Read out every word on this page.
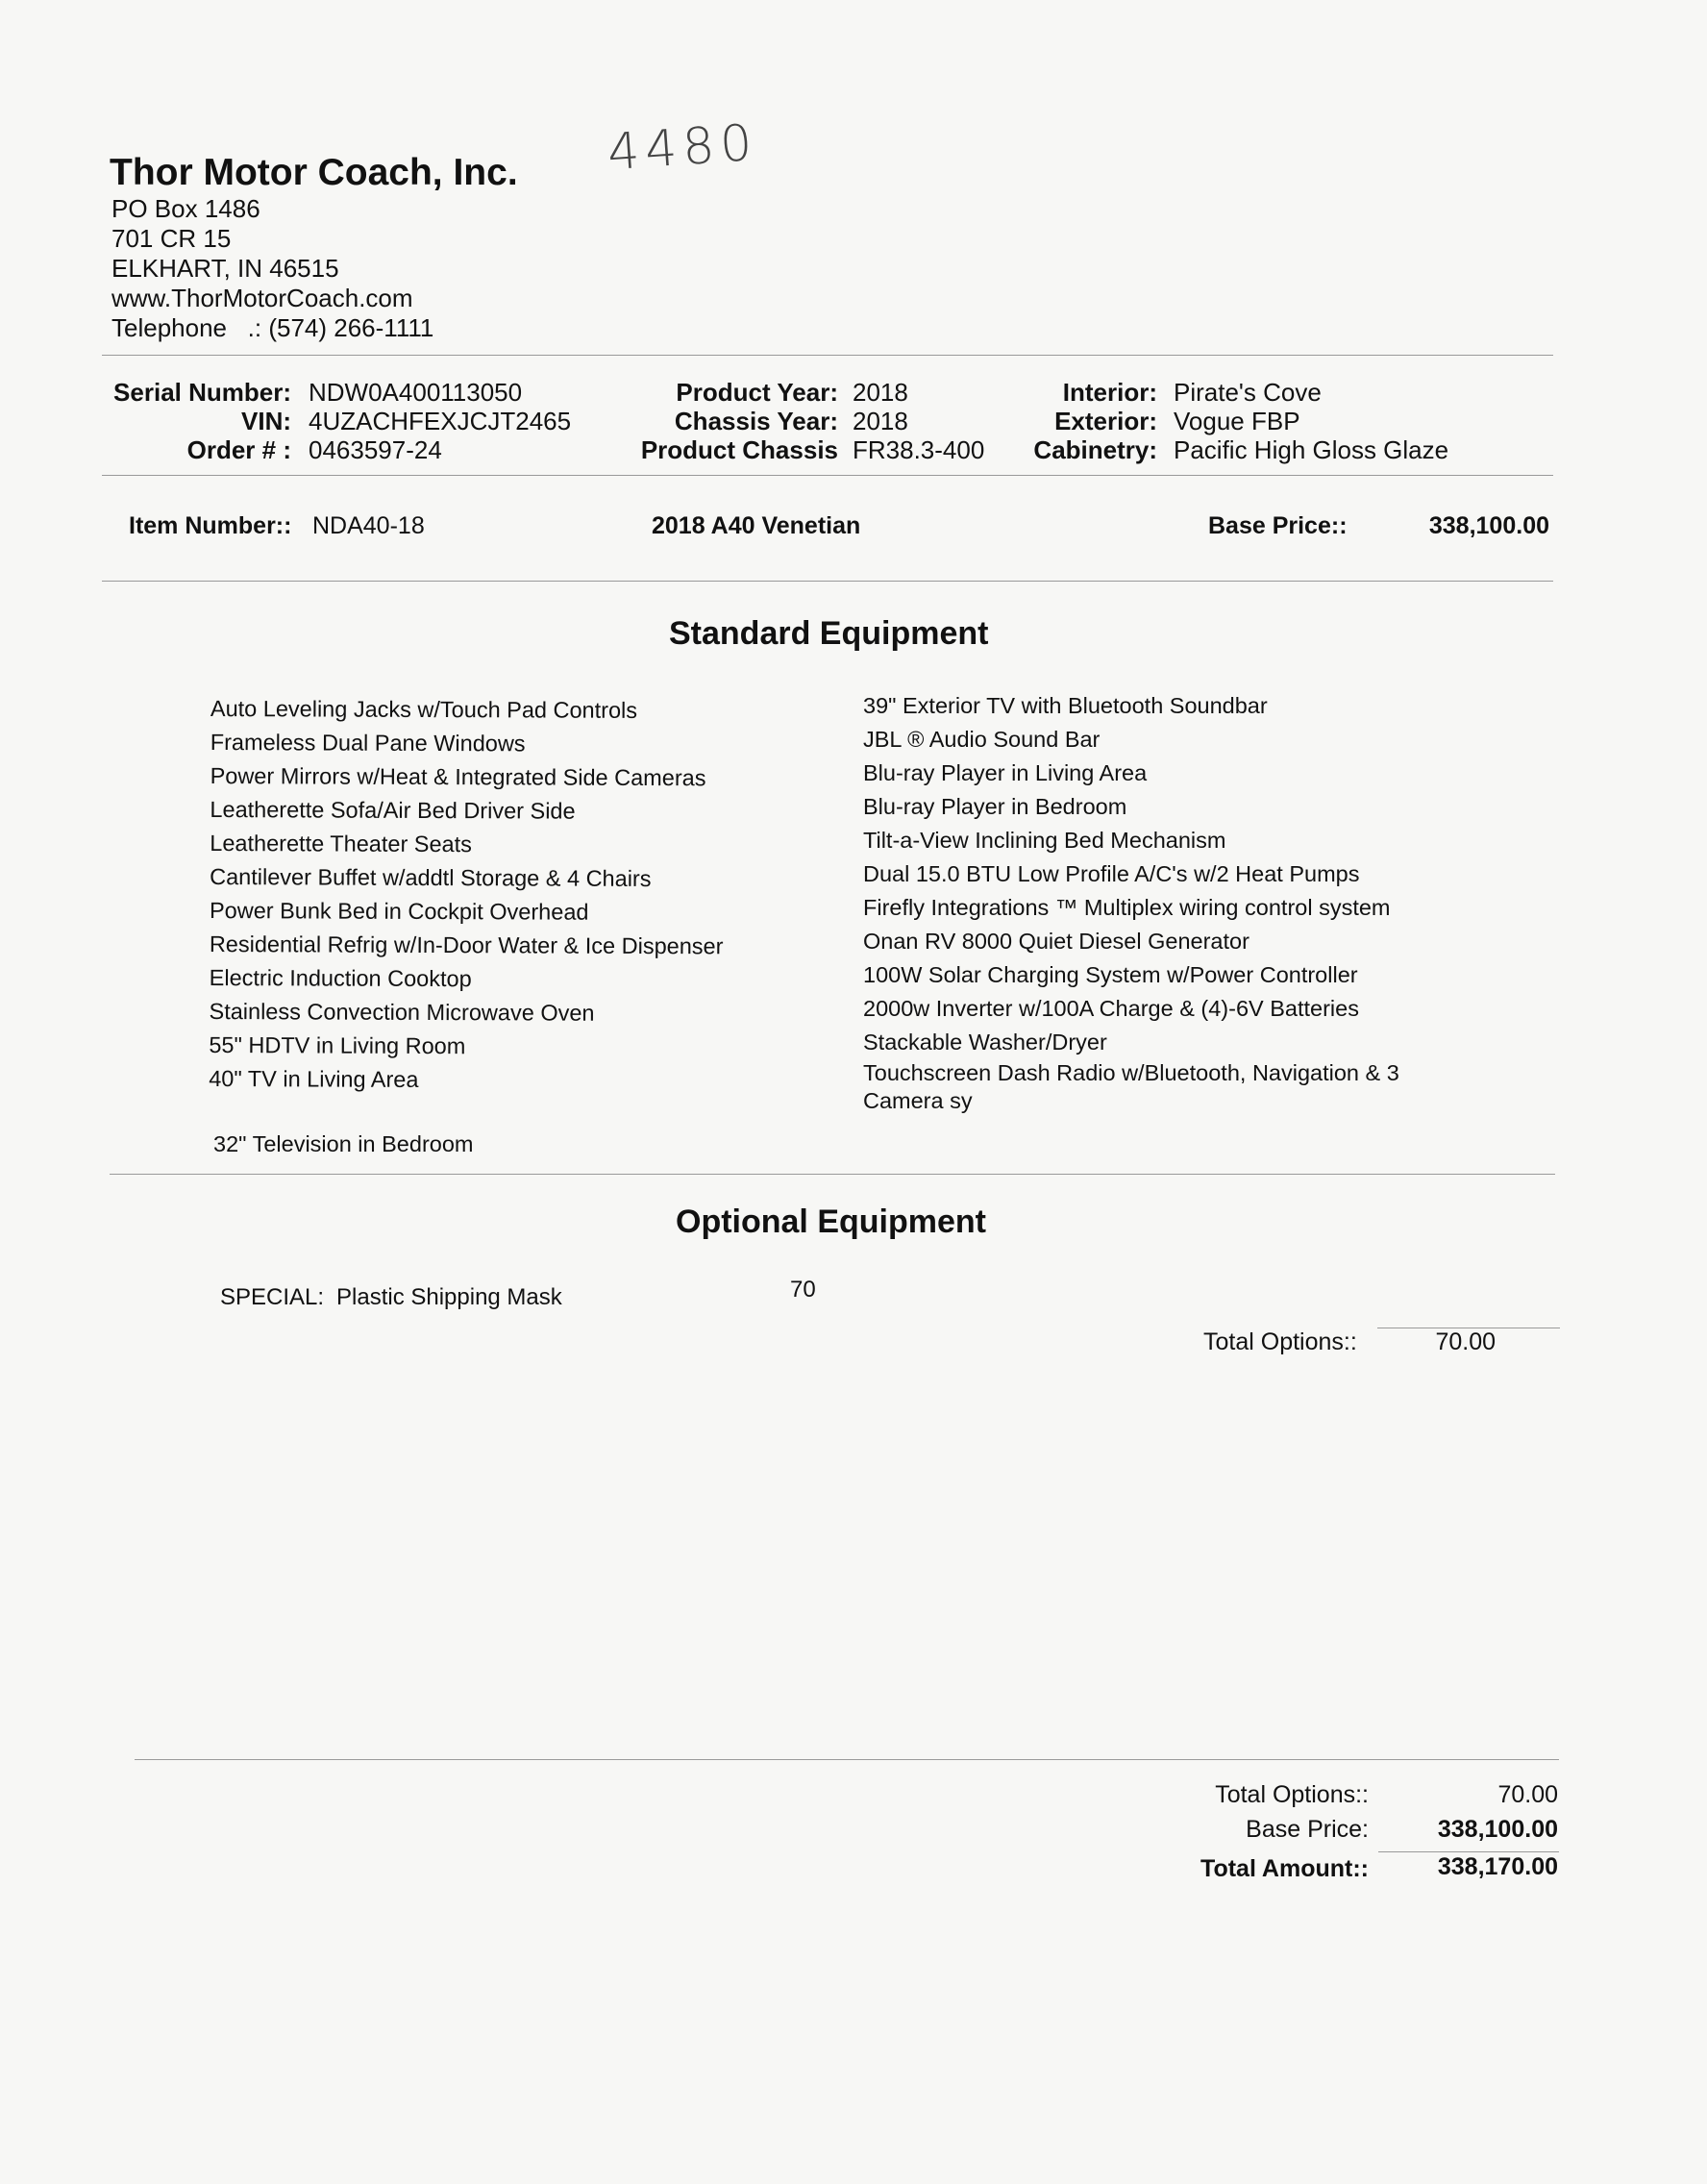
4480
Thor Motor Coach, Inc.
PO Box 1486
701 CR 15
ELKHART, IN 46515
www.ThorMotorCoach.com
Telephone   .: (574) 266-1111
Serial Number: NDW0A400113050
VIN: 4UZACHFEXJCJT2465
Order # : 0463597-24
Product Year: 2018
Chassis Year: 2018
Product Chassis FR38.3-400
Interior: Pirate's Cove
Exterior: Vogue FBP
Cabinetry: Pacific High Gloss Glaze
Item Number:: NDA40-18	2018 A40 Venetian	Base Price::	338,100.00
Standard Equipment
Auto Leveling Jacks w/Touch Pad Controls
Frameless Dual Pane Windows
Power Mirrors w/Heat & Integrated Side Cameras
Leatherette Sofa/Air Bed Driver Side
Leatherette Theater Seats
Cantilever Buffet w/addtl Storage & 4 Chairs
Power Bunk Bed in Cockpit Overhead
Residential Refrig w/In-Door Water & Ice Dispenser
Electric Induction Cooktop
Stainless Convection Microwave Oven
55" HDTV in Living Room
40" TV in Living Area
32" Television in Bedroom
39" Exterior TV with Bluetooth Soundbar
JBL ® Audio Sound Bar
Blu-ray Player in Living Area
Blu-ray Player in Bedroom
Tilt-a-View Inclining Bed Mechanism
Dual 15.0 BTU Low Profile A/C's w/2 Heat Pumps
Firefly Integrations ™ Multiplex wiring control system
Onan RV 8000 Quiet Diesel Generator
100W Solar Charging System w/Power Controller
2000w Inverter w/100A Charge & (4)-6V Batteries
Stackable Washer/Dryer
Touchscreen Dash Radio w/Bluetooth, Navigation & 3 Camera sy
Optional Equipment
SPECIAL: Plastic Shipping Mask	70
Total Options::	70.00
Total Options::	70.00
Base Price:	338,100.00
Total Amount::	338,170.00
